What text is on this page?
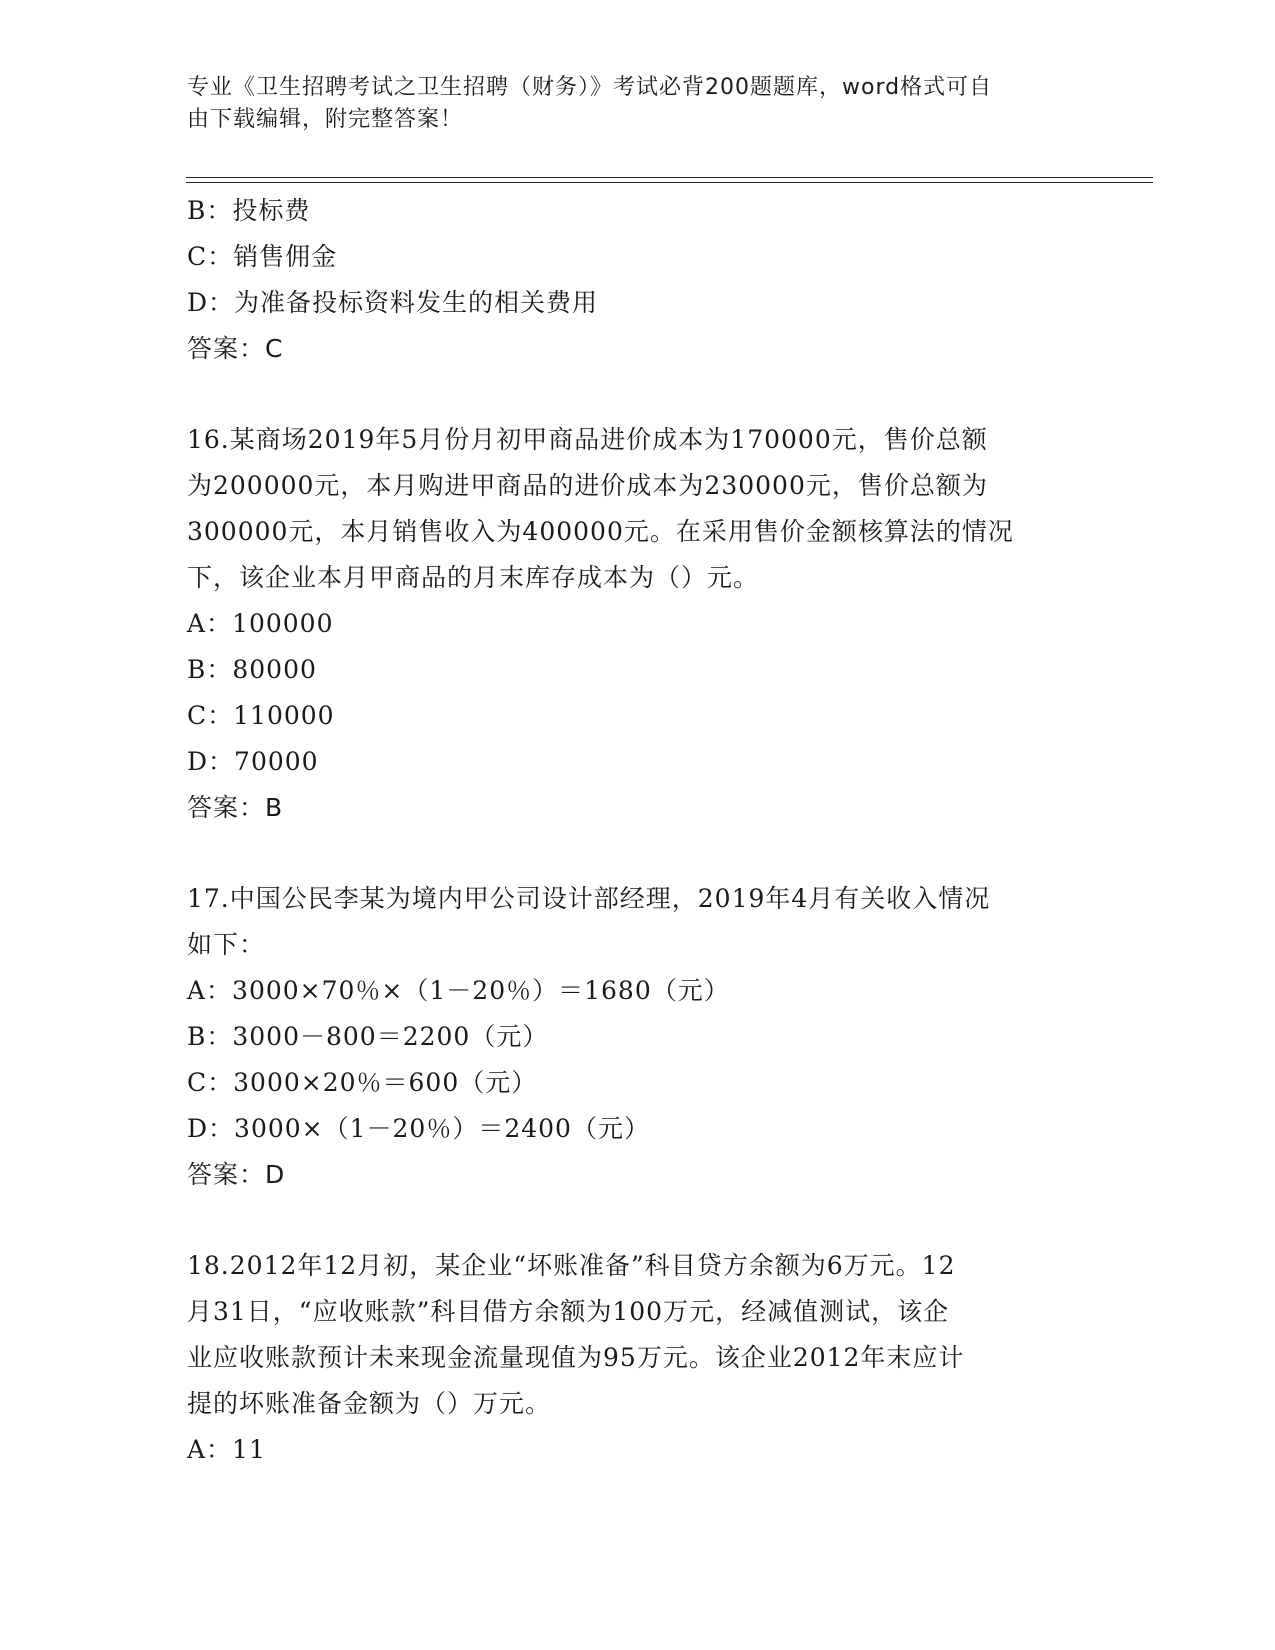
专业《卫生招聘考试之卫生招聘（财务）》考试必背200题题库，word格式可自
由下载编辑，附完整答案！
B：投标费
C：销售佣金
D：为准备投标资料发生的相关费用
答案：C
16.某商场2019年5月份月初甲商品进价成本为170000元，售价总额
为200000元，本月购进甲商品的进价成本为230000元，售价总额为
300000元，本月销售收入为400000元。在采用售价金额核算法的情况
下，该企业本月甲商品的月末库存成本为（）元。
A：100000
B：80000
C：110000
D：70000
答案：B
17.中国公民李某为境内甲公司设计部经理，2019年4月有关收入情况
如下：
A：3000×70％×（1－20％）＝1680（元）
B：3000－800＝2200（元）
C：3000×20％＝600（元）
D：3000×（1－20％）＝2400（元）
答案：D
18.2012年12月初，某企业“坏账准备”科目贷方余额为6万元。12
月31日，“应收账款”科目借方余额为100万元，经减值测试，该企
业应收账款预计未来现金流量现值为95万元。该企业2012年末应计
提的坏账准备金额为（）万元。
A：11
